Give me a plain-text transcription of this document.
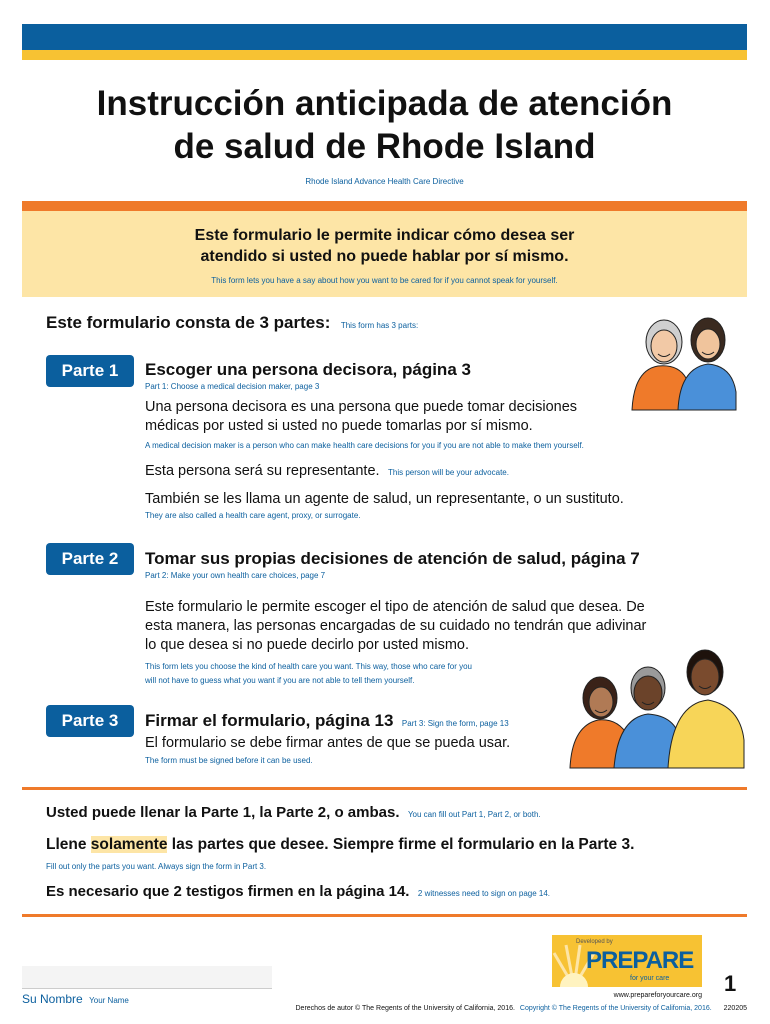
Instrucción anticipada de atención
de salud de Rhode Island
Rhode Island Advance Health Care Directive
Este formulario le permite indicar cómo desea ser
atendido si usted no puede hablar por sí mismo.
This form lets you have a say about how you want to be cared for if you cannot speak for yourself.
Este formulario consta de 3 partes: This form has 3 parts:
Parte 1	Escoger una persona decisora, página 3
Part 1: Choose a medical decision maker, page 3
Una persona decisora es una persona que puede tomar decisiones
médicas por usted si usted no puede tomarlas por sí mismo.
A medical decision maker is a person who can make health care decisions for you if you are not able to make them yourself.
Esta persona será su representante. This person will be your advocate.
También se les llama un agente de salud, un representante, o un sustituto.
They are also called a health care agent, proxy, or surrogate.
Parte 2	Tomar sus propias decisiones de atención de salud, página 7
Part 2: Make your own health care choices, page 7
Este formulario le permite escoger el tipo de atención de salud que desea. De
esta manera, las personas encargadas de su cuidado no tendrán que adivinar
lo que desea si no puede decirlo por usted mismo.
This form lets you choose the kind of health care you want. This way, those who care for you
will not have to guess what you want if you are not able to tell them yourself.
Parte 3	Firmar el formulario, página 13 Part 3: Sign the form, page 13
El formulario se debe firmar antes de que se pueda usar.
The form must be signed before it can be used.
Usted puede llenar la Parte 1, la Parte 2, o ambas. You can fill out Part 1, Part 2, or both.
Llene solamente las partes que desee. Siempre firme el formulario en la Parte 3.
Fill out only the parts you want. Always sign the form in Part 3.
Es necesario que 2 testigos firmen en la página 14. 2 witnesses need to sign on page 14.
Developed by
PREPARE
for your care
www.prepareforyourcare.org 1
Su Nombre Your Name
Derechos de autor © The Regents of the University of California, 2016. Copyright © The Regents of the University of California, 2016. 220205
